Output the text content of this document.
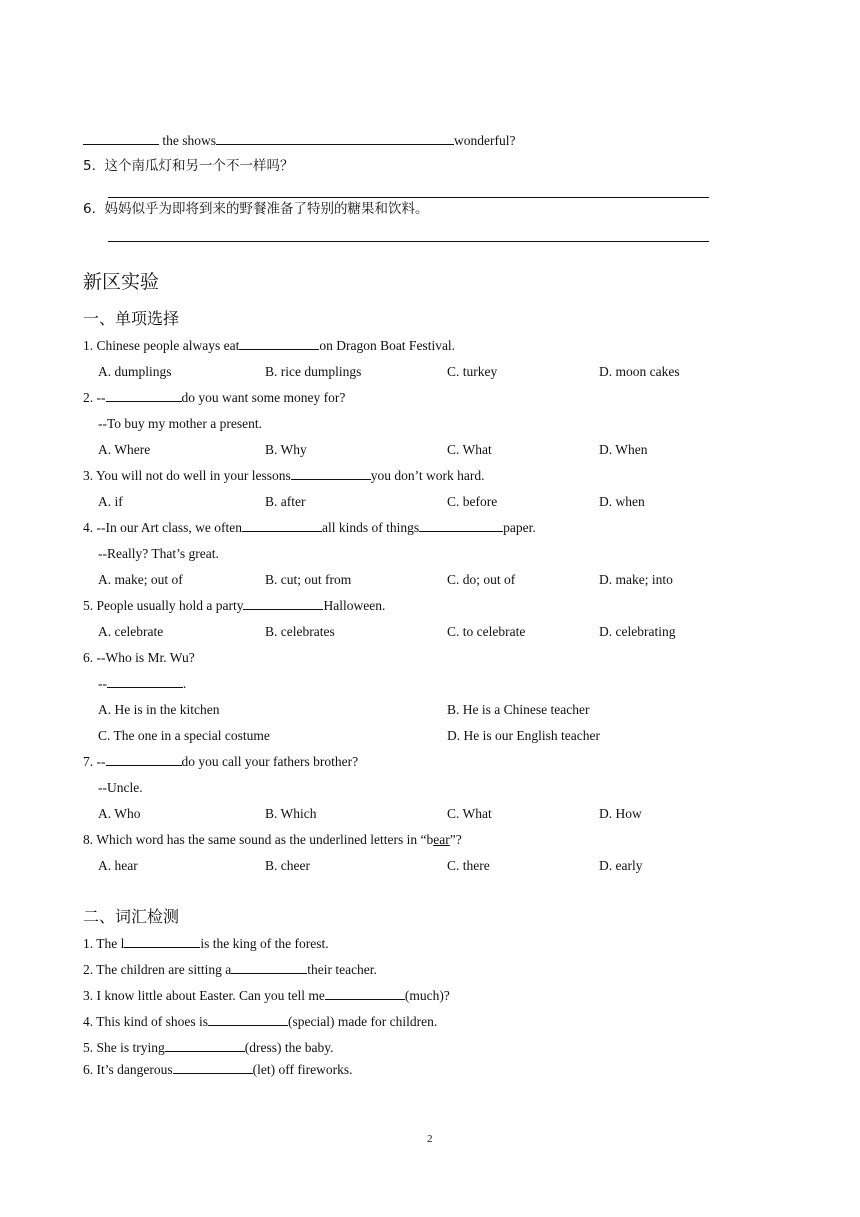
the shows	wonderful?
5. 这个南瓜灯和另一个不一样吗？
6. 妈妈似乎为即将到来的野餐准备了特别的糖果和饮料。
新区实验
一、单项选择
1. Chinese people always eat	on Dragon Boat Festival.
A. dumplings	B. rice dumplings	C. turkey	D. moon cakes
2. --	do you want some money for?
--To buy my mother a present.
A. Where	B. Why	C. What	D. When
3. You will not do well in your lessons	you don’t work hard.
A. if	B. after	C. before	D. when
4. --In our Art class, we often	all kinds of things	paper.
--Really? That’s great.
A. make; out of	B. cut; out from	C. do; out of	D. make; into
5. People usually hold a party	Halloween.
A. celebrate	B. celebrates	C. to celebrate	D. celebrating
6. --Who is Mr. Wu?
--	.
A. He is in the kitchen	B. He is a Chinese teacher
C. The one in a special costume	D. He is our English teacher
7. --	do you call your fathers brother?
--Uncle.
A. Who	B. Which	C. What	D. How
8. Which word has the same sound as the underlined letters in “bear”?
A. hear	B. cheer	C. there	D. early
二、词汇检测
1. The l	is the king of the forest.
2. The children are sitting a	their teacher.
3. I know little about Easter. Can you tell me	(much)?
4. This kind of shoes is	(special) made for children.
5. She is trying	(dress) the baby.
6. It’s dangerous	(let) off fireworks.
2
